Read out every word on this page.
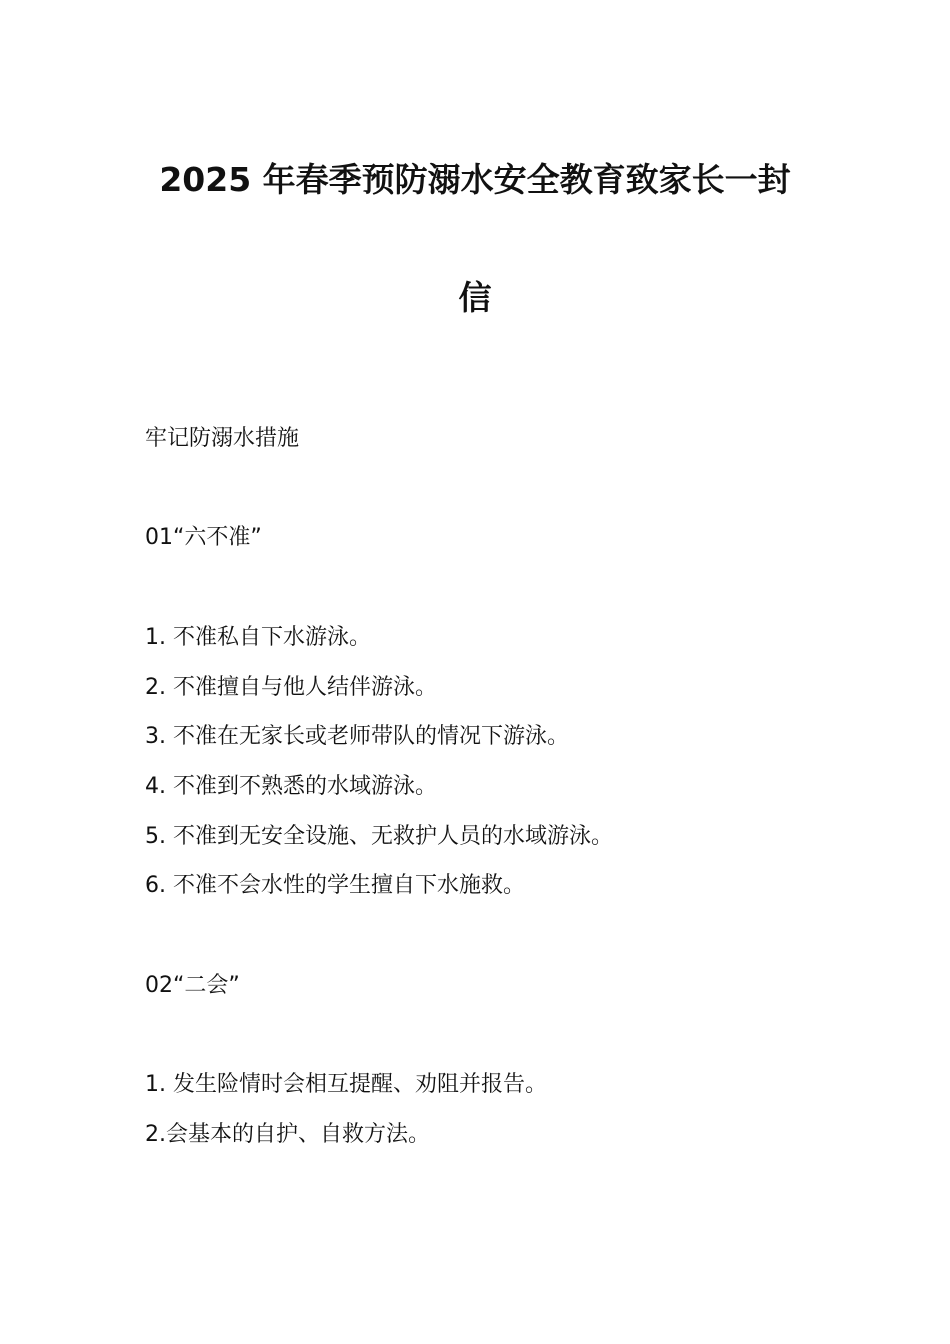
2025 年春季预防溺水安全教育致家长一封
信
牢记防溺水措施
01“六不准”
1. 不准私自下水游泳。
2. 不准擅自与他人结伴游泳。
3. 不准在无家长或老师带队的情况下游泳。
4. 不准到不熟悉的水域游泳。
5. 不准到无安全设施、无救护人员的水域游泳。
6. 不准不会水性的学生擅自下水施救。
02“二会”
1. 发生险情时会相互提醒、劝阻并报告。
2.会基本的自护、自救方法。
